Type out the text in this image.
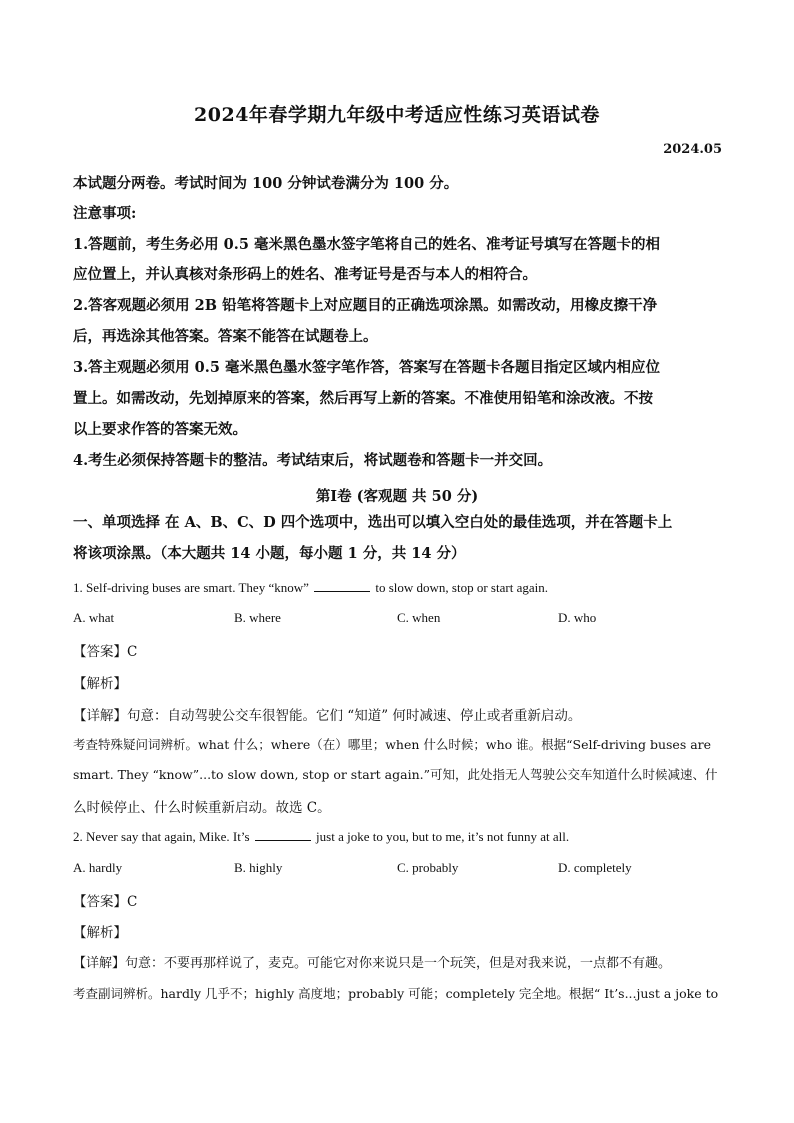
2024年春学期九年级中考适应性练习英语试卷
2024.05
本试题分两卷。考试时间为 100 分钟试卷满分为 100 分。
注意事项:
1.答题前，考生务必用 0.5 毫米黑色墨水签字笔将自己的姓名、准考证号填写在答题卡的相
应位置上，并认真核对条形码上的姓名、准考证号是否与本人的相符合。
2.答客观题必须用 2B 铅笔将答题卡上对应题目的正确选项涂黑。如需改动，用橡皮擦干净
后，再选涂其他答案。答案不能答在试题卷上。
3.答主观题必须用 0.5 毫米黑色墨水签字笔作答，答案写在答题卡各题目指定区域内相应位
置上。如需改动，先划掉原来的答案，然后再写上新的答案。不准使用铅笔和涂改液。不按
以上要求作答的答案无效。
4.考生必须保持答题卡的整洁。考试结束后，将试题卷和答题卡一并交回。
第Ⅰ卷 (客观题 共 50 分)
一、单项选择 在 A、B、C、D 四个选项中，选出可以填入空白处的最佳选项，并在答题卡上
将该项涂黑。（本大题共 14 小题，每小题 1 分，共 14 分）
1. Self-driving buses are smart. They “know”	to slow down, stop or start again.
A. what	B. where	C. when	D. who
【答案】C
【解析】
【详解】句意：自动驾驶公交车很智能。它们 “知道” 何时减速、停止或者重新启动。
考查特殊疑问词辨析。what 什么；where（在）哪里；when 什么时候；who 谁。根据“Self-driving buses are
smart. They “know”...to slow down, stop or start again.”可知，此处指无人驾驶公交车知道什么时候减速、什
么时候停止、什么时候重新启动。故选 C。
2. Never say that again, Mike. It’s	just a joke to you, but to me, it’s not funny at all.
A. hardly	B. highly	C. probably	D. completely
【答案】C
【解析】
【详解】句意：不要再那样说了，麦克。可能它对你来说只是一个玩笑，但是对我来说，一点都不有趣。
考查副词辨析。hardly 几乎不；highly 高度地；probably 可能；completely 完全地。根据“ It’s...just a joke to
